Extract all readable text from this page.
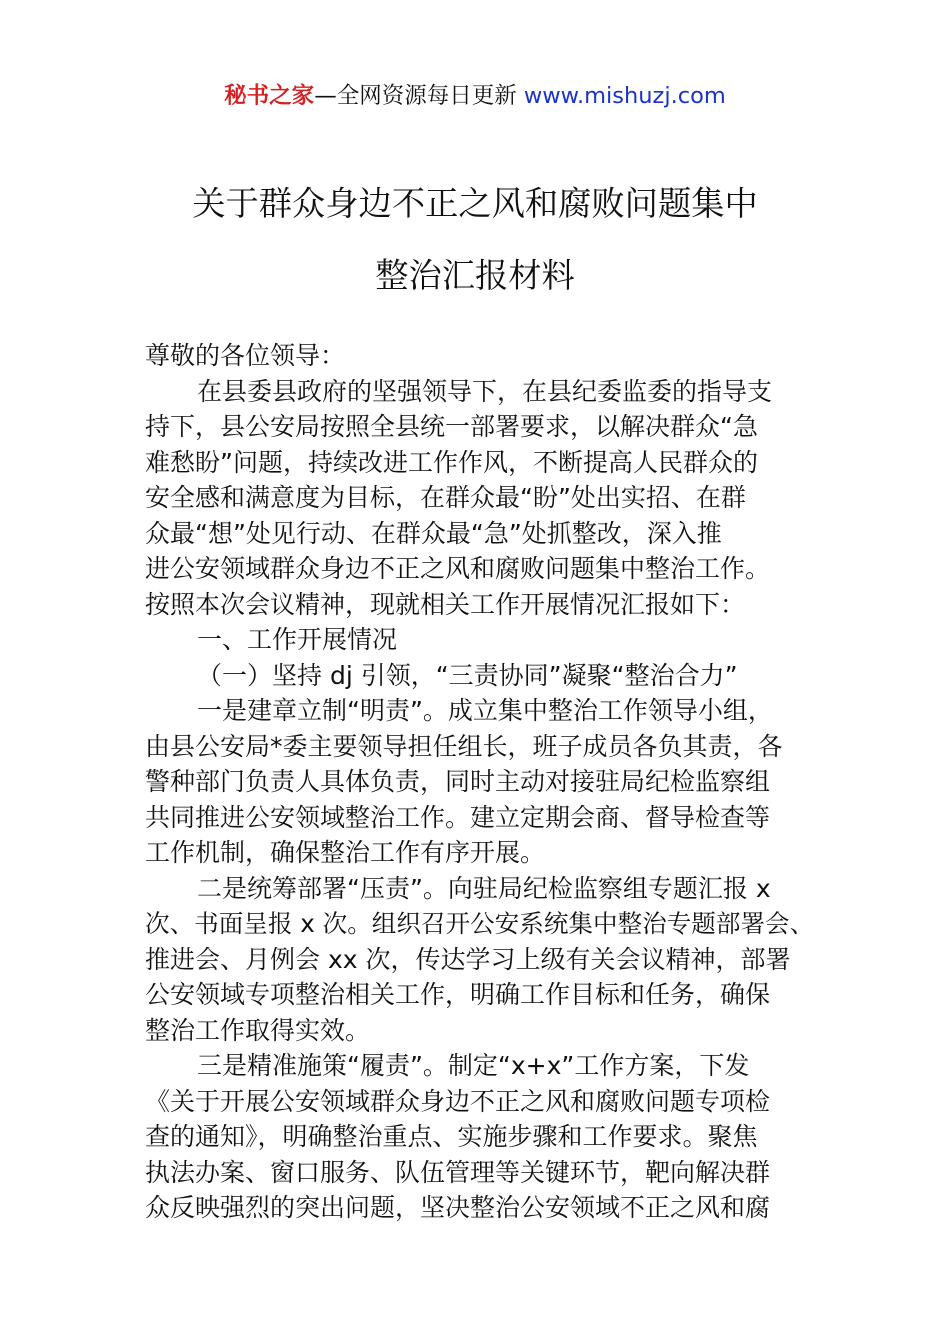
秘书之家—全网资源每日更新 www.mishuzj.com
关于群众身边不正之风和腐败问题集中
整治汇报材料
尊敬的各位领导：
在县委县政府的坚强领导下，在县纪委监委的指导支
持下，县公安局按照全县统一部署要求，以解决群众“急
难愁盼”问题，持续改进工作作风，不断提高人民群众的
安全感和满意度为目标，在群众最“盼”处出实招、在群
众最“想”处见行动、在群众最“急”处抓整改，深入推
进公安领域群众身边不正之风和腐败问题集中整治工作。
按照本次会议精神，现就相关工作开展情况汇报如下：
一、工作开展情况
（一）坚持 dj 引领，“三责协同”凝聚“整治合力”
一是建章立制“明责”。成立集中整治工作领导小组，
由县公安局*委主要领导担任组长，班子成员各负其责，各
警种部门负责人具体负责，同时主动对接驻局纪检监察组
共同推进公安领域整治工作。建立定期会商、督导检查等
工作机制，确保整治工作有序开展。
二是统筹部署“压责”。向驻局纪检监察组专题汇报 x
次、书面呈报 x 次。组织召开公安系统集中整治专题部署会、
推进会、月例会 xx 次，传达学习上级有关会议精神，部署
公安领域专项整治相关工作，明确工作目标和任务，确保
整治工作取得实效。
三是精准施策“履责”。制定“x+x”工作方案，下发
《关于开展公安领域群众身边不正之风和腐败问题专项检
查的通知》，明确整治重点、实施步骤和工作要求。聚焦
执法办案、窗口服务、队伍管理等关键环节，靶向解决群
众反映强烈的突出问题，坚决整治公安领域不正之风和腐
